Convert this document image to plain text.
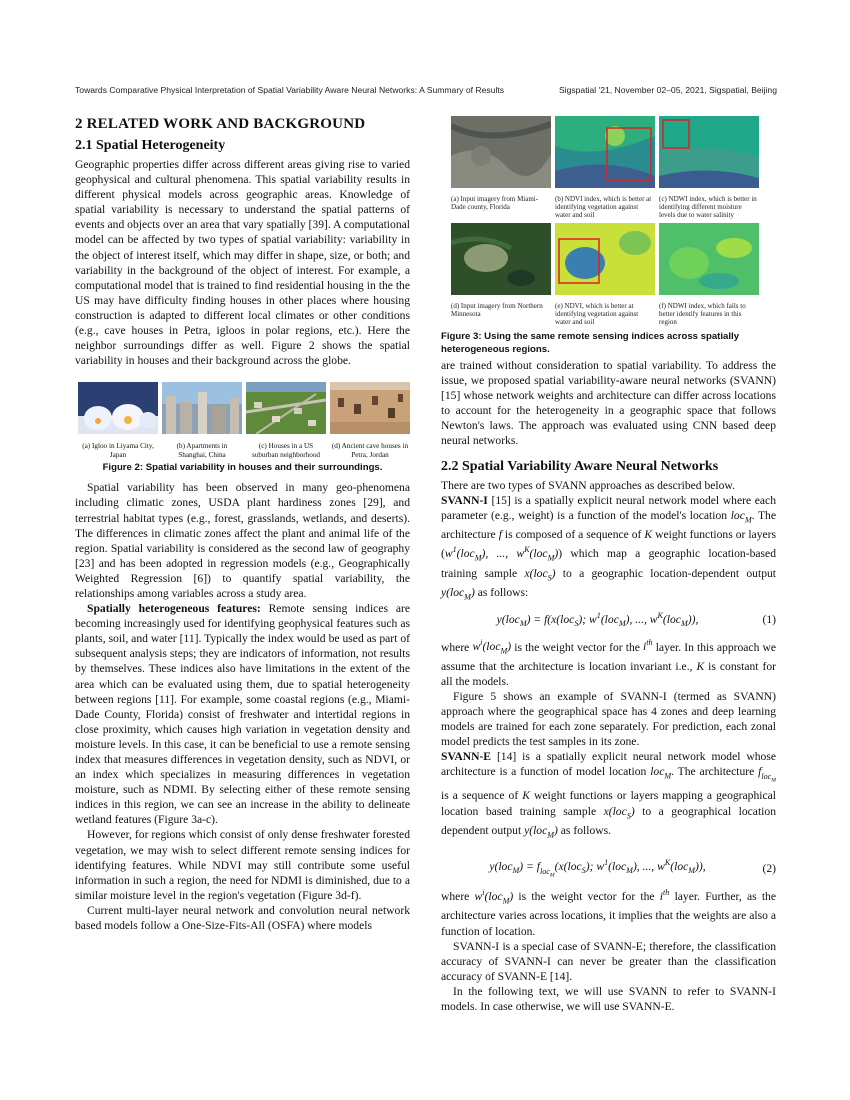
Towards Comparative Physical Interpretation of Spatial Variability Aware Neural Networks: A Summary of Results	Sigspatial '21, November 02–05, 2021, Sigspatial, Beijing
2 RELATED WORK AND BACKGROUND
2.1 Spatial Heterogeneity

Geographic properties differ across different areas giving rise to varied geophysical and cultural phenomena. This spatial variability results in different physical models across geographic areas. Knowledge of spatial variability is necessary to understand the spatial patterns of events and objects over an area that vary spatially [39]. A computational model can be affected by two types of spatial variability: variability in the object of interest itself, which may differ in shape, size, or both; and variability in the background of the object of interest. For example, a computational model that is trained to find residential housing in the the US may have difficulty finding houses in other places where housing construction is adapted to different local climates or other conditions (e.g., cave houses in Petra, igloos in polar regions, etc.). Here the neighbor surroundings differ as well. Figure 2 shows the spatial variability in houses and their background across the globe.

(a) Igloo in Liyama City, Japan
(b) Apartments in Shanghai, China
(c) Houses in a US suburban neighborhood
(d) Ancient cave houses in Petra, Jordan

Figure 2: Spatial variability in houses and their surroundings.

Spatial variability has been observed in many geo-phenomena including climatic zones, USDA plant hardiness zones [29], and terrestrial habitat types (e.g., forest, grasslands, wetlands, and deserts). The differences in climatic zones affect the plant and animal life of the region. Spatial variability is considered as the second law of geography [23] and has been adopted in regression models (e.g., Geographically Weighted Regression [6]) to quantify spatial variability, the relationships among variables across a study area.

Spatially heterogeneous features: Remote sensing indices are becoming increasingly used for identifying geophysical features such as plants, soil, and water [11]. Typically the index would be used as part of subsequent analysis steps; they are indicators of information, not results by themselves. These indices also have limitations in the extent of the area which can be evaluated using them, due to spatial heterogeneity between regions [11]. For example, some coastal regions (e.g., Miami-Dade County, Florida) consist of freshwater and intertidal regions in close proximity, which causes high variation in vegetation density and moisture levels. In this case, it can be beneficial to use a remote sensing index that measures differences in vegetation density, such as NDVI, or an index which specializes in measuring differences in vegetation moisture, such as NDMI. By selecting either of these remote sensing indices in this region, we can see an increase in the ability to delineate wetland features (Figure 3a-c).

However, for regions which consist of only dense freshwater forested vegetation, we may wish to select different remote sensing indices for identifying features. While NDVI may still contribute some useful information in such a region, the need for NDMI is diminished, due to a similar moisture level in the region's vegetation (Figure 3d-f).

Current multi-layer neural network and convolution neural network based models follow a One-Size-Fits-All (OSFA) where models

(a) Input imagery from Miami-Dade county, Florida
(b) NDVI index, which is better at identifying vegetation against water and soil
(c) NDWI index, which is better in identifying different moisture levels due to water salinity
(d) Input imagery from Northern Minnesota
(e) NDVI, which is better at identifying vegetation against water and soil
(f) NDWI index, which fails to better identify features in this region

Figure 3: Using the same remote sensing indices across spatially heterogeneous regions.

are trained without consideration to spatial variability. To address the issue, we proposed spatial variability-aware neural networks (SVANN) [15] whose network weights and architecture can differ across locations to account for the heterogeneity in a geographic space that follows Newton's laws. The approach was evaluated using CNN based deep neural networks.

2.2 Spatial Variability Aware Neural Networks

There are two types of SVANN approaches as described below.

SVANN-I [15] is a spatially explicit neural network model where each parameter (e.g., weight) is a function of the model's location loc$_M$. The architecture f is composed of a sequence of K weight functions or layers ($w^1(loc_M)$, ..., $w^K(loc_M)$) which map a geographic location-based training sample x(loc$_S$) to a geographic location-dependent output y(loc$_M$) as follows:

y(loc$_M$) = f(x(loc$_S$); $w^1(loc_M)$, ..., $w^K(loc_M)$),	(1)

where $w^i(loc_M)$ is the weight vector for the $i^{th}$ layer. In this approach we assume that the architecture is location invariant i.e., K is constant for all the models.

Figure 5 shows an example of SVANN-I (termed as SVANN) approach where the geographical space has 4 zones and deep learning models are trained for each zone separately. For prediction, each zonal model predicts the test samples in its zone.

SVANN-E [14] is a spatially explicit neural network model whose architecture is a function of model location loc$_M$. The architecture $f_{loc_M}$ is a sequence of K weight functions or layers mapping a geographical location based training sample x(loc$_S$) to a geographical location dependent output y(loc$_M$) as follows.

$y(loc_M) = f_{loc_M}(x(loc_S)$; $w^1(loc_M)$, ..., $w^K(loc_M)$),	(2)

where $w^i(loc_M)$ is the weight vector for the $i^{th}$ layer. Further, as the architecture varies across locations, it implies that the weights are also a function of location.

SVANN-I is a special case of SVANN-E; therefore, the classification accuracy of SVANN-I can never be greater than the classification accuracy of SVANN-E [14].

In the following text, we will use SVANN to refer to SVANN-I models. In case otherwise, we will use SVANN-E.
